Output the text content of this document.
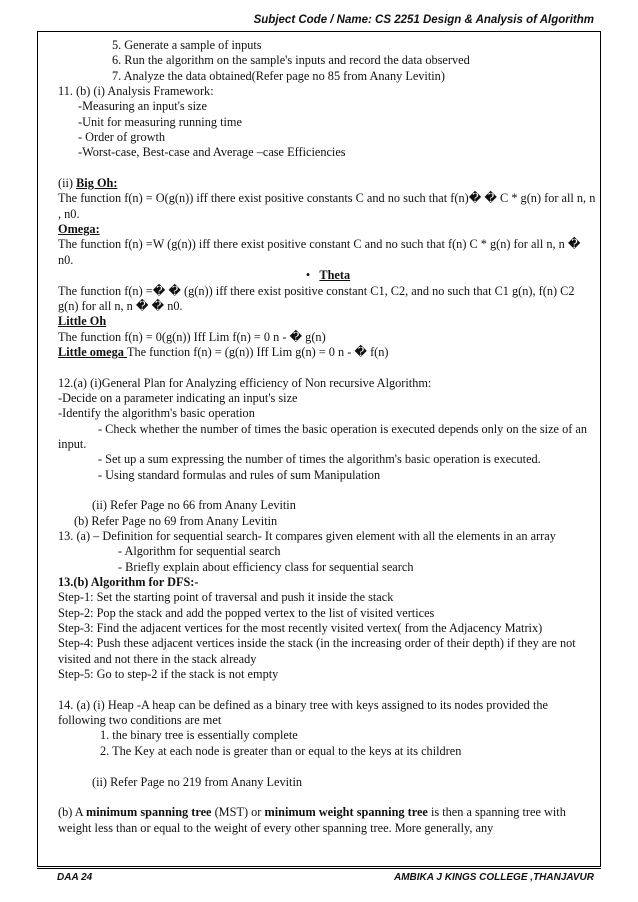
Subject Code / Name: CS 2251 Design & Analysis of Algorithm
5. Generate a sample of inputs
6. Run the algorithm on the sample's inputs and record the data observed
7. Analyze the data obtained(Refer page no 85 from Anany Levitin)
11. (b) (i) Analysis Framework:
-Measuring an input's size
-Unit for measuring running time
- Order of growth
-Worst-case, Best-case and Average –case Efficiencies
(ii) Big Oh:
The function f(n) = O(g(n)) iff there exist positive constants C and no such that f(n)� � C * g(n) for all n, n , n0.
Omega:
The function f(n) =W (g(n)) iff there exist positive constant C and no such that f(n) C * g(n) for all n, n � n0.
• Theta
The function f(n) =� � (g(n)) iff there exist positive constant C1, C2, and no such that C1 g(n), f(n) C2 g(n) for all n, n � � n0.
Little Oh
The function f(n) = 0(g(n)) Iff Lim f(n) = 0 n - � g(n)
Little omega The function f(n) = (g(n)) Iff Lim g(n) = 0 n - � f(n)
12.(a) (i)General Plan for Analyzing efficiency of Non recursive Algorithm:
-Decide on a parameter indicating an input's size
-Identify the algorithm's basic operation
- Check whether the number of times the basic operation is executed depends only on the size of an input.
- Set up a sum expressing the number of times the algorithm's basic operation is executed.
- Using standard formulas and rules of sum Manipulation
(ii) Refer Page no 66 from Anany Levitin
(b) Refer Page no 69 from Anany Levitin
13. (a) – Definition for sequential search- It compares given element with all the elements in an array
- Algorithm for sequential search
- Briefly explain about efficiency class for sequential search
13.(b) Algorithm for DFS:-
Step-1: Set the starting point of traversal and push it inside the stack
Step-2: Pop the stack and add the popped vertex to the list of visited vertices
Step-3: Find the adjacent vertices for the most recently visited vertex( from the Adjacency Matrix)
Step-4: Push these adjacent vertices inside the stack (in the increasing order of their depth) if they are not visited and not there in the stack already
Step-5: Go to step-2 if the stack is not empty
14. (a) (i) Heap -A heap can be defined as a binary tree with keys assigned to its nodes provided the following two conditions are met
1. the binary tree is essentially complete
2. The Key at each node is greater than or equal to the keys at its children
(ii) Refer Page no 219 from Anany Levitin
(b) A minimum spanning tree (MST) or minimum weight spanning tree is then a spanning tree with weight less than or equal to the weight of every other spanning tree. More generally, any
DAA 24	AMBIKA J KINGS COLLEGE ,THANJAVUR
